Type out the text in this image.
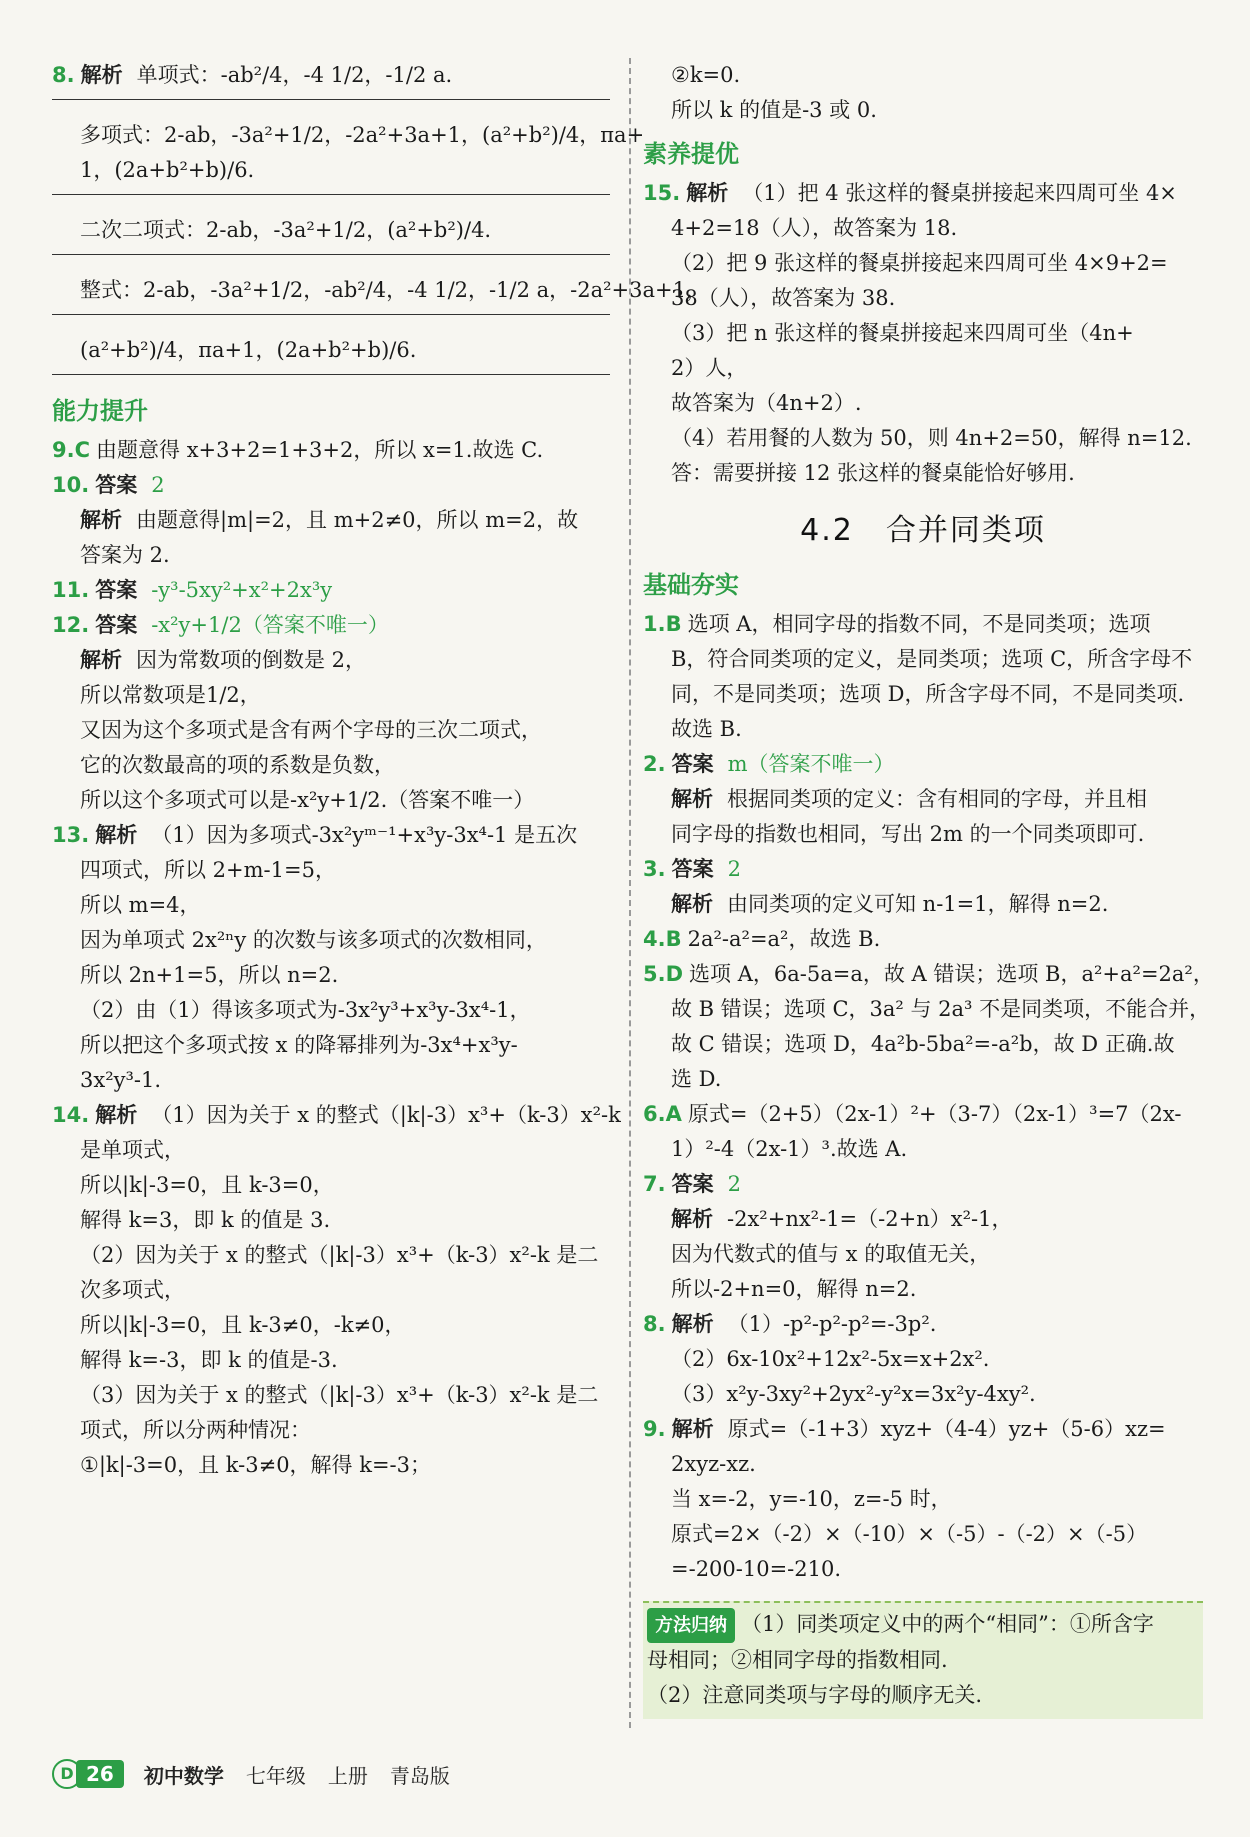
8. 解析 单项式：-ab²/4，-4 1/2，-1/2 a.
多项式：2-ab，-3a²+1/2，-2a²+3a+1，(a²+b²)/4，πa+
1，(2a+b²+b)/6.
二次二项式：2-ab，-3a²+1/2，(a²+b²)/4.
整式：2-ab，-3a²+1/2，-ab²/4，-4 1/2，-1/2 a，-2a²+3a+1，
(a²+b²)/4，πa+1，(2a+b²+b)/6.
能力提升
9.C 由题意得 x+3+2=1+3+2，所以 x=1.故选 C.
10. 答案 2
解析 由题意得|m|=2，且 m+2≠0，所以 m=2，故
答案为 2.
11. 答案 -y³-5xy²+x²+2x³y
12. 答案 -x²y+1/2（答案不唯一）
解析 因为常数项的倒数是 2，
所以常数项是1/2，
又因为这个多项式是含有两个字母的三次二项式，
它的次数最高的项的系数是负数，
所以这个多项式可以是-x²y+1/2.（答案不唯一）
13. 解析 （1）因为多项式-3x²yᵐ⁻¹+x³y-3x⁴-1 是五次
四项式，所以 2+m-1=5，
所以 m=4，
因为单项式 2x²ⁿy 的次数与该多项式的次数相同，
所以 2n+1=5，所以 n=2.
（2）由（1）得该多项式为-3x²y³+x³y-3x⁴-1，
所以把这个多项式按 x 的降幂排列为-3x⁴+x³y-
3x²y³-1.
14. 解析 （1）因为关于 x 的整式（|k|-3）x³+（k-3）x²-k
是单项式，
所以|k|-3=0，且 k-3=0，
解得 k=3，即 k 的值是 3.
（2）因为关于 x 的整式（|k|-3）x³+（k-3）x²-k 是二
次多项式，
所以|k|-3=0，且 k-3≠0，-k≠0，
解得 k=-3，即 k 的值是-3.
（3）因为关于 x 的整式（|k|-3）x³+（k-3）x²-k 是二
项式，所以分两种情况：
①|k|-3=0，且 k-3≠0，解得 k=-3；
②k=0.
所以 k 的值是-3 或 0.
素养提优
15. 解析 （1）把 4 张这样的餐桌拼接起来四周可坐 4×
4+2=18（人），故答案为 18.
（2）把 9 张这样的餐桌拼接起来四周可坐 4×9+2=
38（人），故答案为 38.
（3）把 n 张这样的餐桌拼接起来四周可坐（4n+
2）人，
故答案为（4n+2）.
（4）若用餐的人数为 50，则 4n+2=50，解得 n=12.
答：需要拼接 12 张这样的餐桌能恰好够用.
4.2　合并同类项
基础夯实
1.B 选项 A，相同字母的指数不同，不是同类项；选项
B，符合同类项的定义，是同类项；选项 C，所含字母不
同，不是同类项；选项 D，所含字母不同，不是同类项.
故选 B.
2. 答案 m（答案不唯一）
解析 根据同类项的定义：含有相同的字母，并且相
同字母的指数也相同，写出 2m 的一个同类项即可.
3. 答案 2
解析 由同类项的定义可知 n-1=1，解得 n=2.
4.B 2a²-a²=a²，故选 B.
5.D 选项 A，6a-5a=a，故 A 错误；选项 B，a²+a²=2a²，
故 B 错误；选项 C，3a² 与 2a³ 不是同类项，不能合并，
故 C 错误；选项 D，4a²b-5ba²=-a²b，故 D 正确.故
选 D.
6.A 原式=（2+5）（2x-1）²+（3-7）（2x-1）³=7（2x-
1）²-4（2x-1）³.故选 A.
7. 答案 2
解析 -2x²+nx²-1=（-2+n）x²-1，
因为代数式的值与 x 的取值无关，
所以-2+n=0，解得 n=2.
8. 解析 （1）-p²-p²-p²=-3p².
（2）6x-10x²+12x²-5x=x+2x².
（3）x²y-3xy²+2yx²-y²x=3x²y-4xy².
9. 解析 原式=（-1+3）xyz+（4-4）yz+（5-6）xz=
2xyz-xz.
当 x=-2，y=-10，z=-5 时，
原式=2×（-2）×（-10）×（-5）-（-2）×（-5）
=-200-10=-210.
方法归纳 （1）同类项定义中的两个“相同”：①所含字
母相同；②相同字母的指数相同.
（2）注意同类项与字母的顺序无关.
D 26	初中数学 七年级 上册 青岛版
